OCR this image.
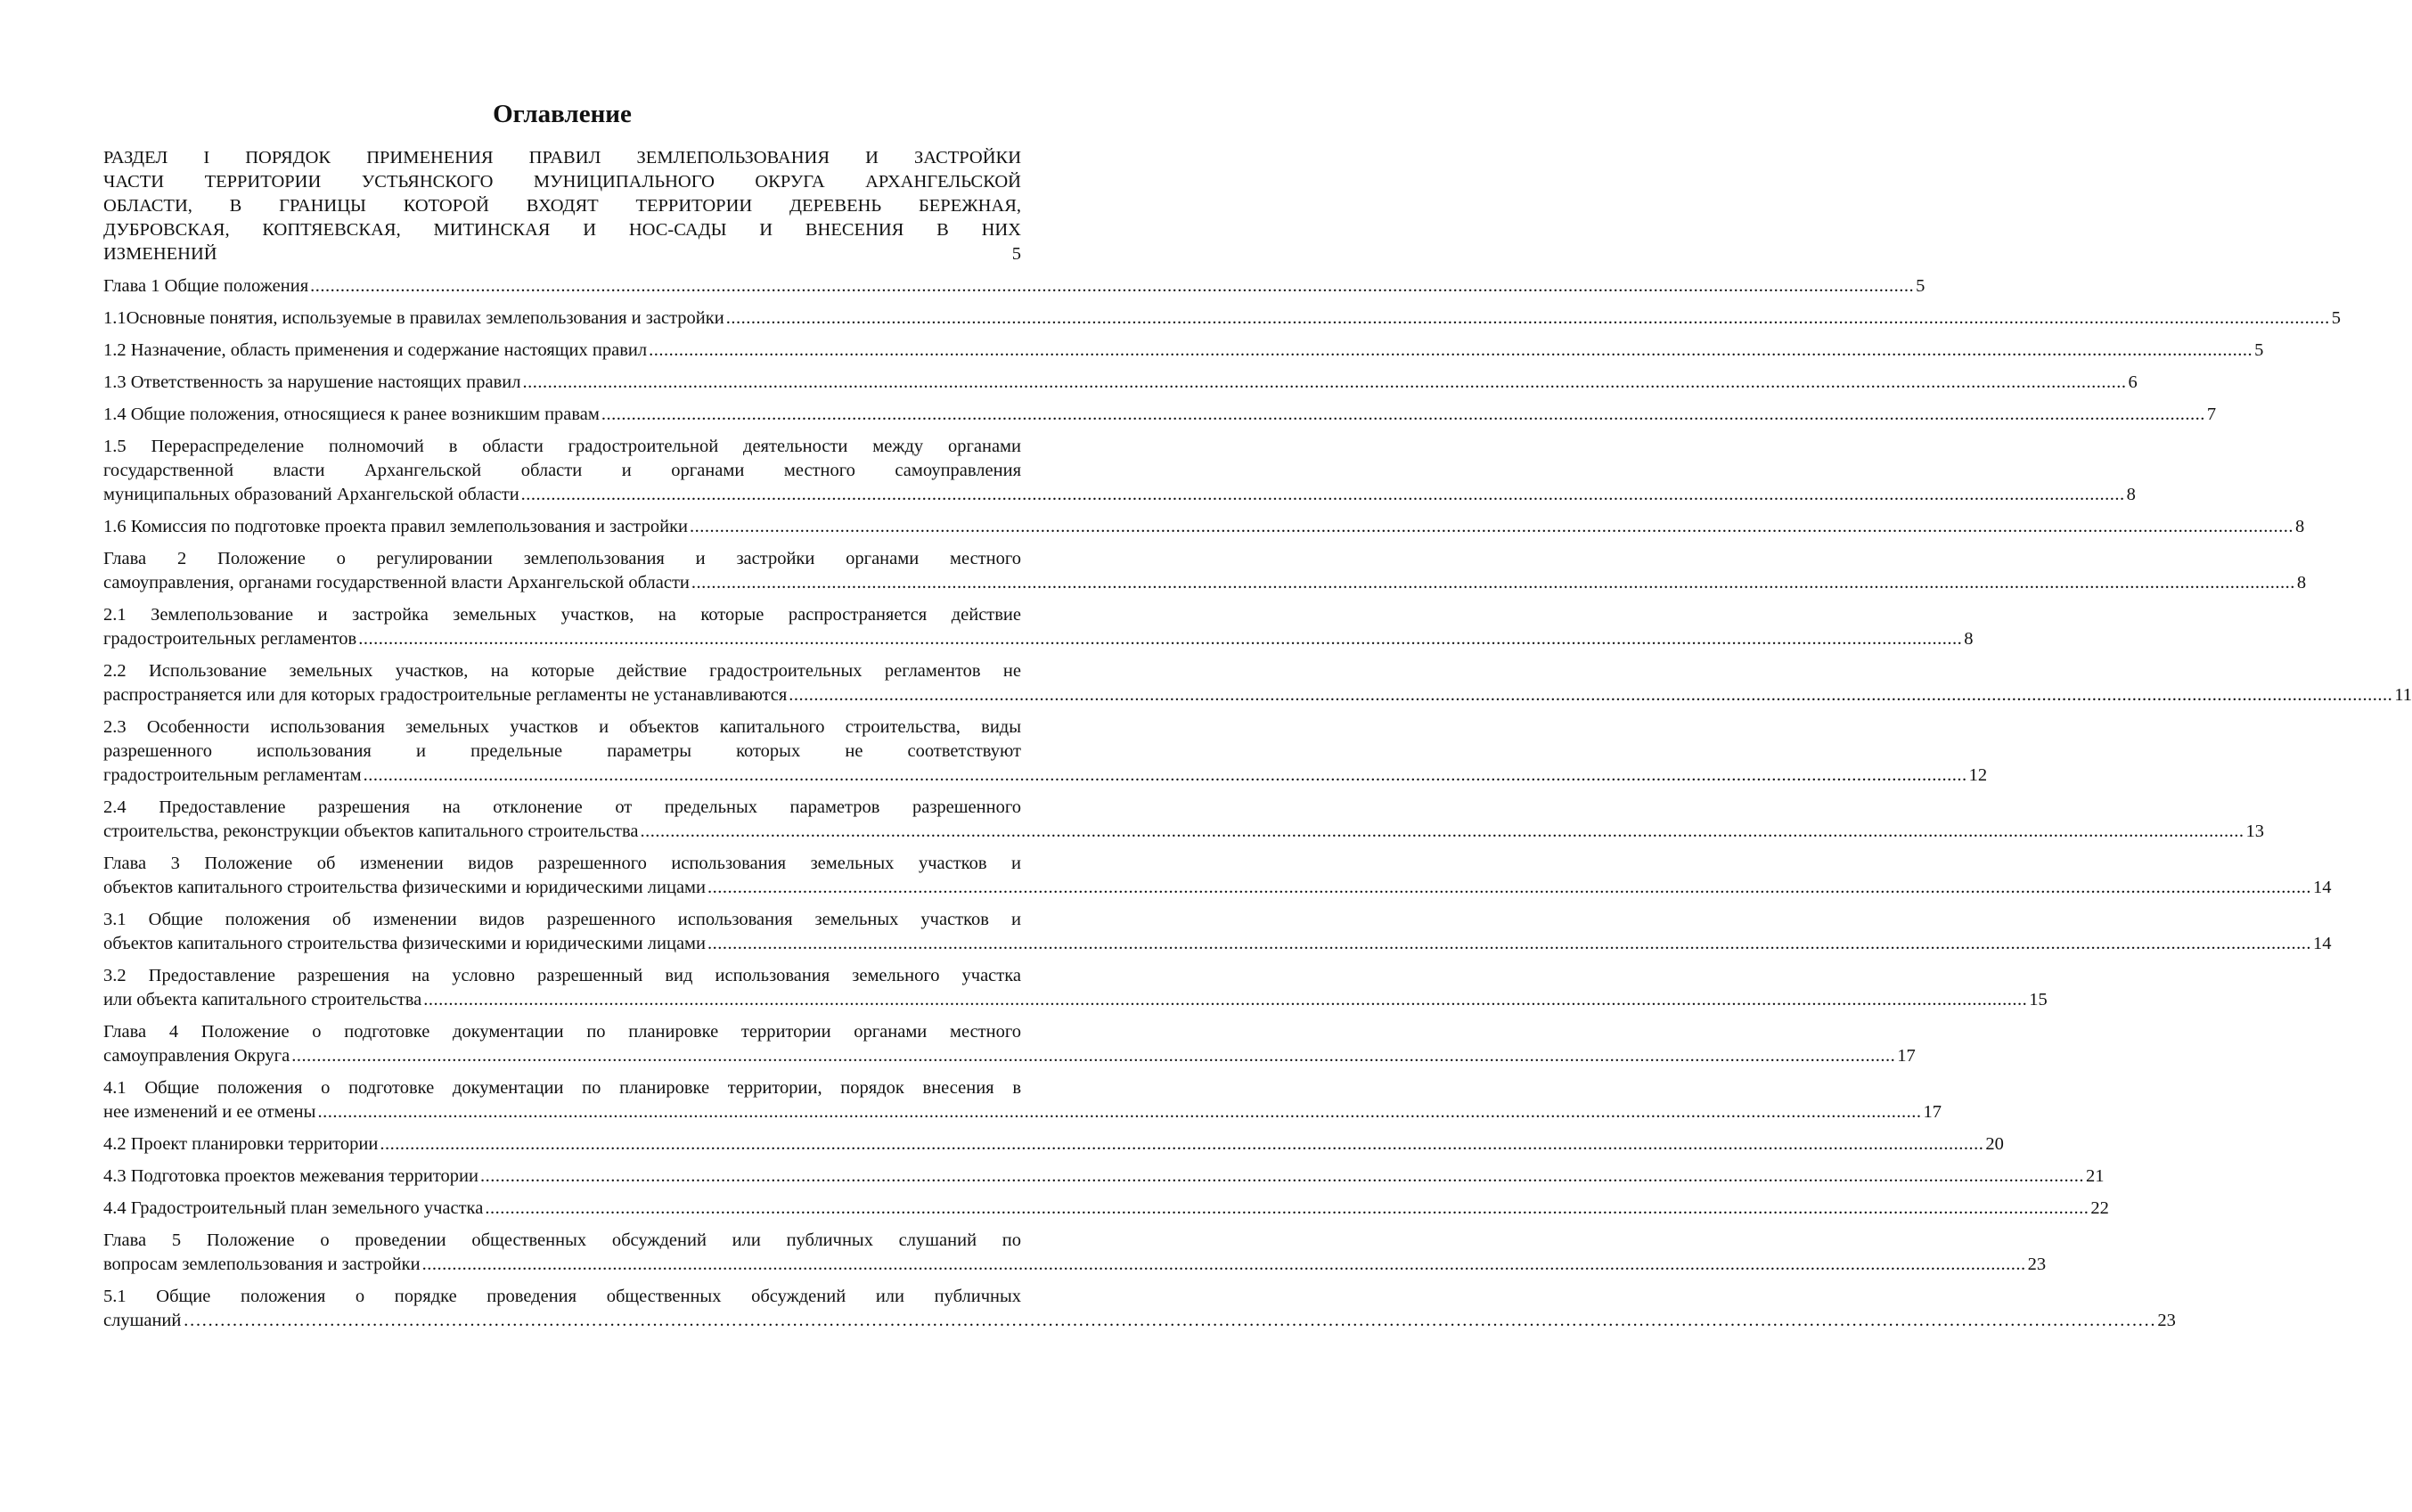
Оглавление
РАЗДЕЛ I ПОРЯДОК ПРИМЕНЕНИЯ ПРАВИЛ ЗЕМЛЕПОЛЬЗОВАНИЯ И ЗАСТРОЙКИ
ЧАСТИ ТЕРРИТОРИИ УСТЬЯНСКОГО МУНИЦИПАЛЬНОГО ОКРУГА АРХАНГЕЛЬСКОЙ
ОБЛАСТИ, В ГРАНИЦЫ КОТОРОЙ ВХОДЯТ ТЕРРИТОРИИ ДЕРЕВЕНЬ БЕРЕЖНАЯ,
ДУБРОВСКАЯ, КОПТЯЕВСКАЯ, МИТИНСКАЯ И НОС-САДЫ И ВНЕСЕНИЯ В НИХ
ИЗМЕНЕНИЙ	5
Глава 1 Общие положения .....	5
1.1 Основные понятия, используемые в правилах землепользования и застройки .....	5
1.2 Назначение, область применения и содержание настоящих правил .....	5
1.3 Ответственность за нарушение настоящих правил .....	6
1.4 Общие положения, относящиеся к ранее возникшим правам .....	7
1.5 Перераспределение полномочий в области градостроительной деятельности между органами
государственной власти Архангельской области и органами местного самоуправления
муниципальных образований Архангельской области .....	8
1.6 Комиссия по подготовке проекта правил землепользования и застройки .....	8
Глава 2 Положение о регулировании землепользования и застройки органами местного
самоуправления, органами государственной власти Архангельской области .....	8
2.1 Землепользование и застройка земельных участков, на которые распространяется действие
градостроительных регламентов .....	8
2.2 Использование земельных участков, на которые действие градостроительных регламентов не
распространяется или для которых градостроительные регламенты не устанавливаются .....	11
2.3 Особенности использования земельных участков и объектов капитального строительства, виды
разрешенного использования и предельные параметры которых не соответствуют
градостроительным регламентам .....	12
2.4 Предоставление разрешения на отклонение от предельных параметров разрешенного
строительства, реконструкции объектов капитального строительства .....	13
Глава 3 Положение об изменении видов разрешенного использования земельных участков и
объектов капитального строительства физическими и юридическими лицами .....	14
3.1 Общие положения об изменении видов разрешенного использования земельных участков и
объектов капитального строительства физическими и юридическими лицами .....	14
3.2 Предоставление разрешения на условно разрешенный вид использования земельного участка
или объекта капитального строительства .....	15
Глава 4 Положение о подготовке документации по планировке территории органами местного
самоуправления Округа .....	17
4.1 Общие положения о подготовке документации по планировке территории, порядок внесения в
нее изменений и ее отмены .....	17
4.2 Проект планировки территории .....	20
4.3 Подготовка проектов межевания территории .....	21
4.4 Градостроительный план земельного участка .....	22
Глава 5 Положение о проведении общественных обсуждений или публичных слушаний по
вопросам землепользования и застройки .....	23
5.1 Общие положения о порядке проведения общественных обсуждений или публичных
слушаний ………………………………………………………………………………………………………………………………………………………………………………………………………………………………………………………………………………………………	23
